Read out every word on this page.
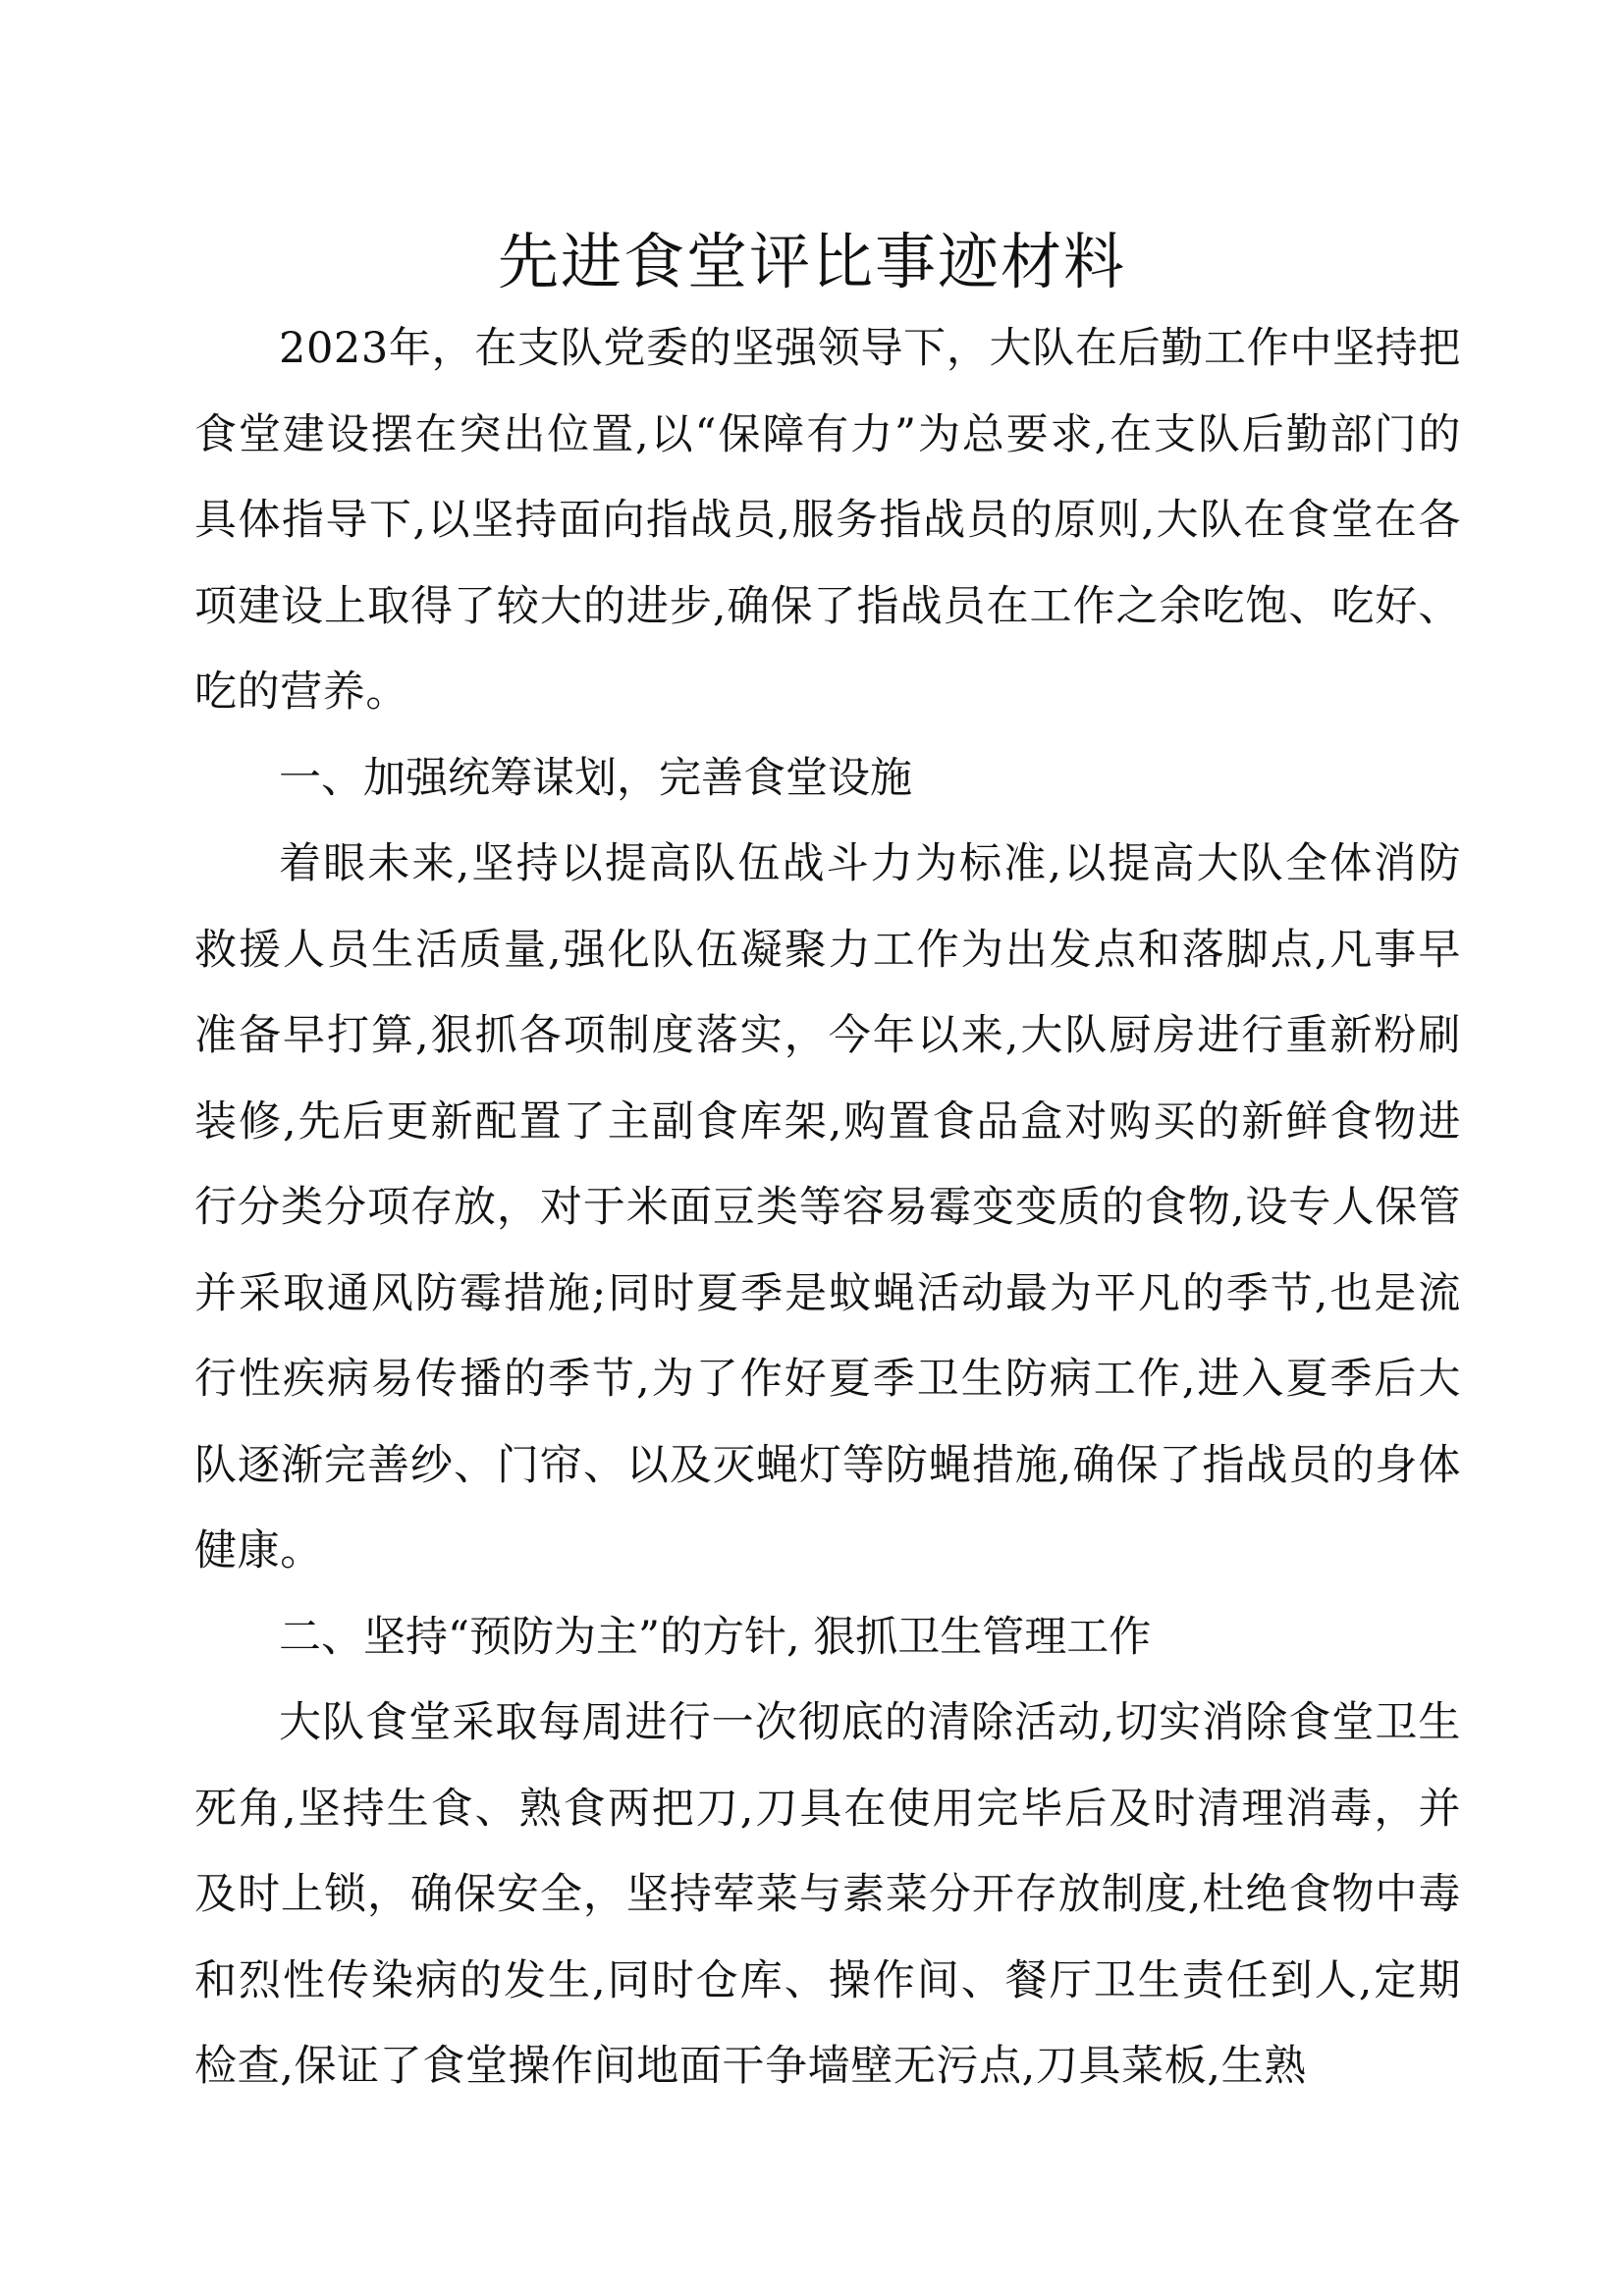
先进食堂评比事迹材料

2023年，在支队党委的坚强领导下，大队在后勤工作中坚持把食堂建设摆在突出位置,以“保障有力”为总要求,在支队后勤部门的具体指导下,以坚持面向指战员,服务指战员的原则,大队在食堂在各项建设上取得了较大的进步,确保了指战员在工作之余吃饱、吃好、吃的营养。

一、加强统筹谋划，完善食堂设施

着眼未来,坚持以提高队伍战斗力为标准,以提高大队全体消防救援人员生活质量,强化队伍凝聚力工作为出发点和落脚点,凡事早准备早打算,狠抓各项制度落实，今年以来,大队厨房进行重新粉刷装修,先后更新配置了主副食库架,购置食品盒对购买的新鲜食物进行分类分项存放，对于米面豆类等容易霉变变质的食物,设专人保管并采取通风防霉措施;同时夏季是蚊蝇活动最为平凡的季节,也是流行性疾病易传播的季节,为了作好夏季卫生防病工作,进入夏季后大队逐渐完善纱、门帘、以及灭蝇灯等防蝇措施,确保了指战员的身体健康。

二、坚持“预防为主”的方针, 狠抓卫生管理工作

大队食堂采取每周进行一次彻底的清除活动,切实消除食堂卫生死角,坚持生食、熟食两把刀,刀具在使用完毕后及时清理消毒，并及时上锁，确保安全，坚持荤菜与素菜分开存放制度,杜绝食物中毒和烈性传染病的发生,同时仓库、操作间、餐厅卫生责任到人,定期检查,保证了食堂操作间地面干争墙壁无污点,刀具菜板,生熟
